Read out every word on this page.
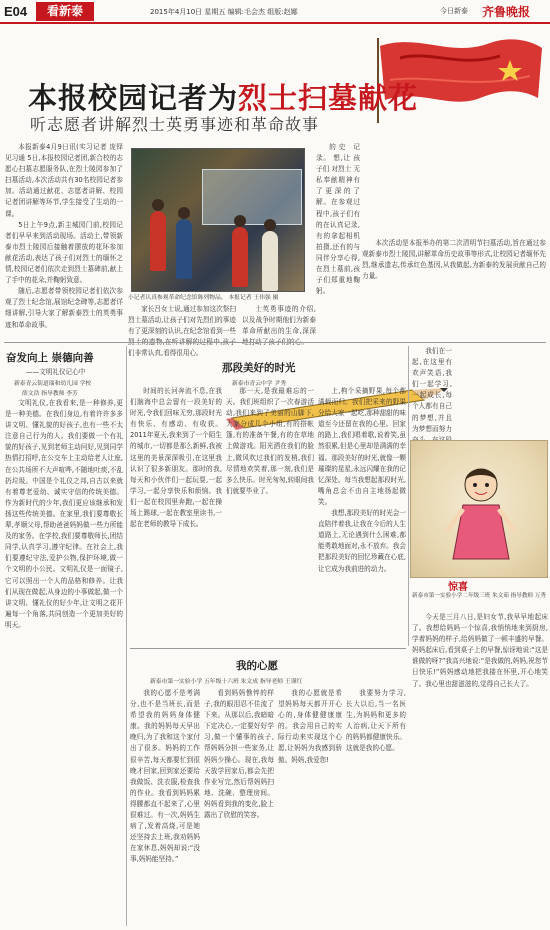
E04	看新泰	2015年4月10日 星期五 编辑:毛会杰 组版:赵娜	今日新泰 齐鲁晚报
本报校园记者为烈士扫墓献花
听志愿者讲解烈士英勇事迹和革命故事

本报新泰4月9日讯(实习记者 庞铎 见习通 5日,本报校园记者团,新合校的志愿心扫墓志愿服务队,在烈士陵园参加了扫墓活动,本次活动共有30名校园记者参加。活动通过献花、志愿者讲解、校园记者团讲解等环节,学生接受了生动的一课。

5日上午9点,新主城园门前,校园记者们早早来到活动现场。活动上,带领新泰市烈士陵园后接触着摆放的花环参加献花活动,表达了孩子们对烈士的缅怀之情,校园记者们依次走到烈士墓碑前,献上了手中的花朵,并鞠躬致意。

随后,志愿者带领校园记者们依次参观了烈士纪念馆,展馆纪念碑等,志愿者详细讲解,引导大家了解新泰烈士的英勇事迹和革命故事。

小记者认真参观革命纪念馆陈列物品。 本报记者 王伟强 摄

家长吕女士说,通过参加这次祭扫烈士墓活动,让孩子们对先烈们的事迹有了更深刻的认识,在纪念馆看到一些 们非常认真,看得很用心。

士英勇事迹的介绍,以及战争时期他们为新泰革命所献出的生命,深深

的史 记录。 想,让 孩子们 对烈士 无私奉献精神有了更深的了解。在参观过程中,孩子们有的在认真记录,有的拿起相机拍摄,还有的与同伴分享心得,在烈士墓前,孩子们郑重地鞠躬。

本次活动是本报举办的第二次清明节扫墓活动,旨在通过参观新泰市烈士陵园,讲解革命历史故事等形式,让校园记者缅怀先烈,继承遗志,传承红色基因,从我做起,为新泰的发展贡献自己的力量。

奋发向上 崇德向善
——文明礼仪记心中
新泰青云街道瑞和幼儿园 学校
薛文浩 指导教师 李芳

文明礼仪,在我看来,是一种修养,更是一种美德。在我们身边,有着许许多多讲文明、懂礼貌的好孩子,也有一些不太注意自己行为的人。我们要做一个有礼貌的好孩子,见到老师主动问好,见到同学热情打招呼,在公交车上主动给老人让座,在公共场所不大声喧哗,不随地吐痰,不乱扔垃圾。中国是个礼仪之邦,自古以来就有着尊老爱幼、诚实守信的传统美德。作为新时代的少年,我们更应该继承和发扬这些传统美德。在家里,我们要尊敬长辈,孝顺父母,帮助爸爸妈妈做一些力所能及的家务。在学校,我们要尊敬师长,团结同学,认真学习,遵守纪律。在社会上,我们要遵纪守法,爱护公物,保护环境,做一个文明的小公民。文明礼仪是一面镜子,它可以照出一个人的品格和修养。让我们从现在做起,从身边的小事做起,做一个讲文明、懂礼仪的好少年,让文明之花开遍每一个角落,共同创造一个更加美好的明天。

那段美好的时光
新泰市青云中学 尹秀

时间的长河奔流不息,在我们脑海中总会留有一段美好的时光,令我们回味无穷,那段时光有快乐、有感动、有收获。2011年夏天,我来到了一个陌生的城市,一切都是那么新鲜,我被这里的美景深深吸引,在这里我认识了很多新朋友。那时的我,每天和小伙伴们一起玩耍,一起学习,一起分享快乐和烦恼。我们一起在校园里奔跑,一起在操场上踢球,一起在教室里读书,一起在老师的教导下成长。

那一天,是我最难忘的一天。我们班组织了一次春游活动,我们来到了美丽的山脚下,大家分成几个小组,有的搭帐篷,有的准备午餐,有的在草地上做游戏。阳光洒在我们的脸上,微风吹过我们的发梢,我们尽情地欢笑着,那一刻,我们是多么快乐。时光匆匆,转眼间我们就要毕业了。

上,枸个采摘野果,每个都满载而归。我们把采来的野果分给大家一起吃,那种甜甜的味道至今还留在我的心里。回家的路上,我们唱着歌,说着笑,虽然很累,但是心里却是满满的幸福。那段美好的时光,就像一颗璀璨的星星,永远闪耀在我的记忆深处。每当我想起那段时光,嘴角总会不由自主地扬起微笑。

我想,那段美好的时光会一直陪伴着我,让我在今后的人生道路上,无论遇到什么困难,都能勇敢地面对,永不放弃。我会把那段美好的回忆珍藏在心底,让它成为我前进的动力。

我们在一起,在这里有欢声笑语,我们一起学习,一起成长,每个人都有自己的梦想,并且为梦想而努力

惊喜
新泰市第一实验小学二年级三班 朱文茹 指导教师 万秀

今天是三月八日,是妇女节,我早早地起床了。我想给妈妈一个惊喜,我悄悄地来到厨房,学着妈妈的样子,给妈妈做了一顿丰盛的早餐。妈妈起床后,看到桌子上的早餐,惊讶地说:“这是谁做的呀?”我高兴地说:“是我做的,妈妈,祝您节日快乐!”妈妈感动地把我搂在怀里,开心地笑了。我心里也甜滋滋的,觉得自己长大了。

我的心愿
新泰市第一实验小学 五年级十六班 朱文成 指导老师 王谨红

我的心愿不是考满分,也不是当班长,而是希望我的妈妈身体健康。我的妈妈每天早出晚归,为了我和这个家付出了很多。妈妈的工作很辛苦,每天都要忙到很晚才回家,回到家还要给我做饭、洗衣服,检查我的作业。我看到妈妈累得腰都直不起来了,心里很难过。有一次,妈妈生病了,发着高烧,可是她还坚持去上班,我劝妈妈在家休息,妈妈却说:“没事,妈妈能坚持。”

看到妈妈憔悴的样子,我的眼泪忍不住流了下来。从那以后,我暗暗下定决心,一定要好好学习,做一个懂事的孩子,帮妈妈分担一些家务,让妈妈少操心。现在,我每天放学回家后,都会先把作业写完,然后帮妈妈扫地、洗碗、整理房间。妈妈看到我的变化,脸上露出了欣慰的笑容。

我的心愿就是希望妈妈每天都开开心心的,身体健健康康的。我会用自己的实际行动来实现这个心愿,让妈妈为我感到骄傲。妈妈,我爱您!

我要努力学习,长大以后,当一名医生,为妈妈和更多的人治病,让天下所有的妈妈都健康快乐。这就是我的心愿。
